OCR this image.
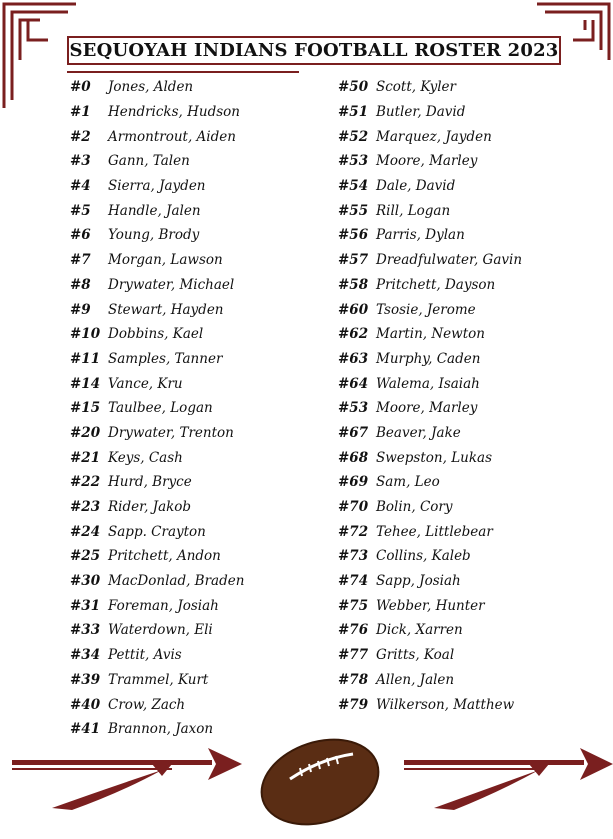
SEQUOYAH INDIANS FOOTBALL ROSTER 2023
#0	Jones, Alden
#1	Hendricks, Hudson
#2	Armontrout, Aiden
#3	Gann, Talen
#4	Sierra, Jayden
#5	Handle, Jalen
#6	Young, Brody
#7	Morgan, Lawson
#8	Drywater, Michael
#9	Stewart, Hayden
#10 Dobbins, Kael
#11 Samples, Tanner
#14 Vance, Kru
#15 Taulbee, Logan
#20 Drywater, Trenton
#21 Keys, Cash
#22 Hurd, Bryce
#23 Rider, Jakob
#24 Sapp. Crayton
#25 Pritchett, Andon
#30 MacDonlad, Braden
#31 Foreman, Josiah
#33 Waterdown, Eli
#34 Pettit, Avis
#39 Trammel, Kurt
#40 Crow, Zach
#41 Brannon, Jaxon
#50 Scott, Kyler
#51 Butler, David
#52 Marquez, Jayden
#53 Moore, Marley
#54 Dale, David
#55 Rill, Logan
#56 Parris, Dylan
#57 Dreadfulwater, Gavin
#58 Pritchett, Dayson
#60 Tsosie, Jerome
#62 Martin, Newton
#63 Murphy, Caden
#64 Walema, Isaiah
#53 Moore, Marley
#67 Beaver, Jake
#68 Swepston, Lukas
#69 Sam, Leo
#70 Bolin, Cory
#72 Tehee, Littlebear
#73 Collins, Kaleb
#74 Sapp, Josiah
#75 Webber, Hunter
#76 Dick, Xarren
#77 Gritts, Koal
#78 Allen, Jalen
#79 Wilkerson, Matthew
